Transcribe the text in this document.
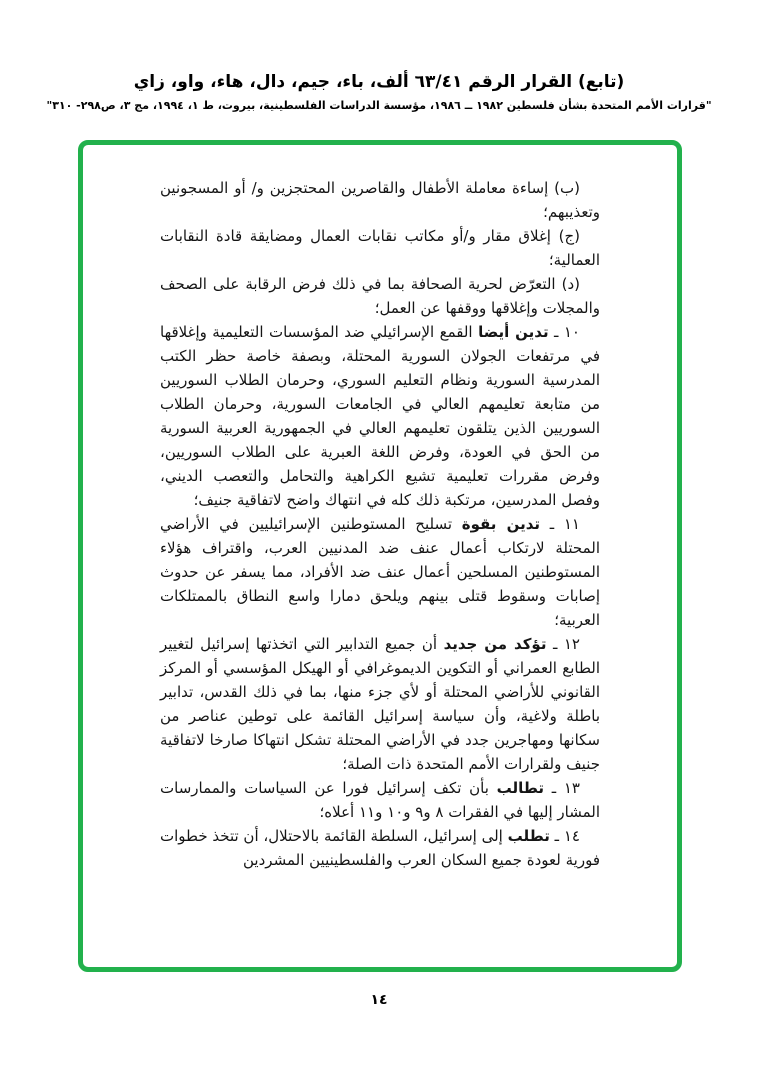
(تابع) القرار الرقم ٦٣/٤١ ألف، باء، جيم، دال، هاء، واو، زاي
"قرارات الأمم المتحدة بشأن فلسطين ١٩٨٢ ــ ١٩٨٦، مؤسسة الدراسات الفلسطينية، بيروت، ط ١، ١٩٩٤، مج ٣، ص٢٩٨- ٣١٠"

(ب) إساءة معاملة الأطفال والقاصرين المحتجزين و/ أو المسجونين وتعذيبهم؛

(ج) إغلاق مقار و/أو مكاتب نقابات العمال ومضايقة قادة النقابات العمالية؛

(د) التعرّض لحرية الصحافة بما في ذلك فرض الرقابة على الصحف والمجلات وإغلاقها ووقفها عن العمل؛

١٠ ـ تدين أيضا القمع الإسرائيلي ضد المؤسسات التعليمية وإغلاقها في مرتفعات الجولان السورية المحتلة، وبصفة خاصة حظر الكتب المدرسية السورية ونظام التعليم السوري، وحرمان الطلاب السوريين من متابعة تعليمهم العالي في الجامعات السورية، وحرمان الطلاب السوريين الذين يتلقون تعليمهم العالي في الجمهورية العربية السورية من الحق في العودة، وفرض اللغة العبرية على الطلاب السوريين، وفرض مقررات تعليمية تشيع الكراهية والتحامل والتعصب الديني، وفصل المدرسين، مرتكبة ذلك كله في انتهاك واضح لاتفاقية جنيف؛

١١ ـ تدين بقوة تسليح المستوطنين الإسرائيليين في الأراضي المحتلة لارتكاب أعمال عنف ضد المدنيين العرب، واقتراف هؤلاء المستوطنين المسلحين أعمال عنف ضد الأفراد، مما يسفر عن حدوث إصابات وسقوط قتلى بينهم ويلحق دمارا واسع النطاق بالممتلكات العربية؛

١٢ ـ تؤكد من جديد أن جميع التدابير التي اتخذتها إسرائيل لتغيير الطابع العمراني أو التكوين الديموغرافي أو الهيكل المؤسسي أو المركز القانوني للأراضي المحتلة أو لأي جزء منها، بما في ذلك القدس، تدابير باطلة ولاغية، وأن سياسة إسرائيل القائمة على توطين عناصر من سكانها ومهاجرين جدد في الأراضي المحتلة تشكل انتهاكا صارخا لاتفاقية جنيف ولقرارات الأمم المتحدة ذات الصلة؛

١٣ ـ تطالب بأن تكف إسرائيل فورا عن السياسات والممارسات المشار إليها في الفقرات ٨ و٩ و١٠ و١١ أعلاه؛

١٤ ـ تطلب إلى إسرائيل، السلطة القائمة بالاحتلال، أن تتخذ خطوات فورية لعودة جميع السكان العرب والفلسطينيين المشردين

١٤
